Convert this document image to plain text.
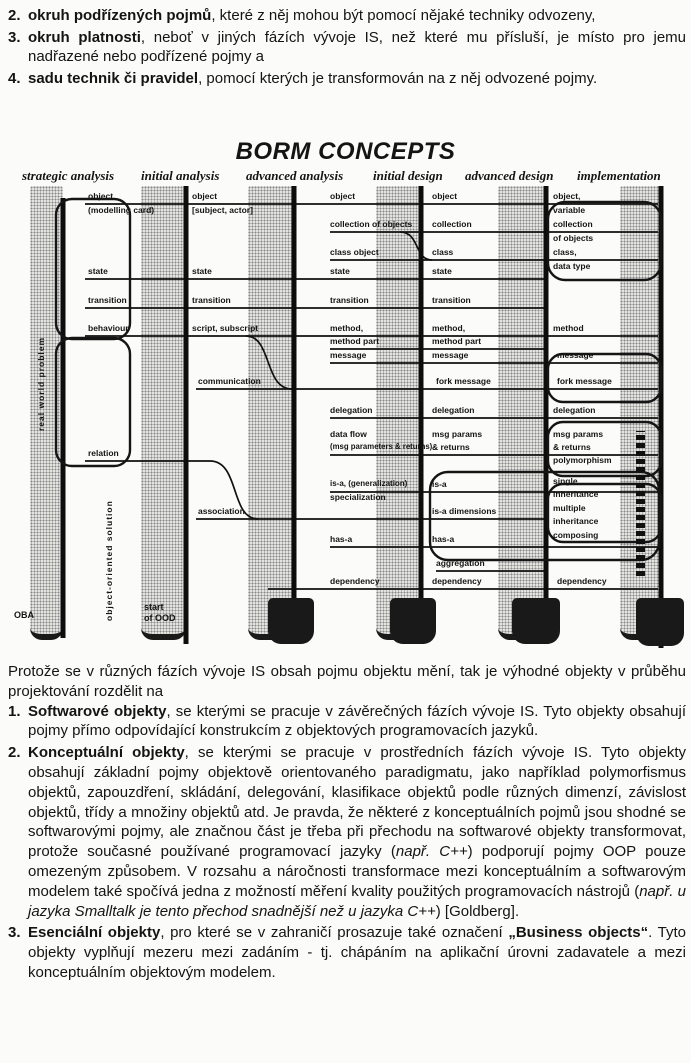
2. okruh podřízených pojmů, které z něj mohou být pomocí nějaké techniky odvozeny,
3. okruh platnosti, neboť v jiných fázích vývoje IS, než které mu přísluší, je místo pro jemu nadřazené nebo podřízené pojmy a
4. sadu technik či pravidel, pomocí kterých je transformován na z něj odvozené pojmy.
BORM CONCEPTS
strategic analysis initial analysis advanced analysis initial design advanced design implementation
object
(modelling card)
state
transition
behaviour
relation
object
[subject, actor]
state
transition
script, subscript
communication
association
object
collection of objects
class object
state
transition
method,
method part
message
delegation
data flow
(msg parameters & returns)
is-a, (generalization)
specialization
has-a
dependency
object
collection
class
state
transition
method,
method part
message
fork message
delegation
msg params
& returns
is-a
is-a dimensions
has-a
aggregation
dependency
object,
variable
collection
of objects
class,
data type
method
message
fork message
delegation
msg params
& returns
polymorphism
single
inheritance
multiple
inheritance
composing
dependency
real world problem
object-oriented solution
OBA
start
of OOD
Protože se v různých fázích vývoje IS obsah pojmu objektu mění, tak je výhodné objekty v průběhu projektování rozdělit na
1. Softwarové objekty, se kterými se pracuje v závěrečných fázích vývoje IS. Tyto objekty obsahují pojmy přímo odpovídající konstrukcím z objektových programovacích jazyků.
2. Konceptuální objekty, se kterými se pracuje v prostředních fázích vývoje IS. Tyto objekty obsahují základní pojmy objektově orientovaného paradigmatu, jako například polymorfismus objektů, zapouzdření, skládání, delegování, klasifikace objektů podle různých dimenzí, závislost objektů, třídy a množiny objektů atd. Je pravda, že některé z konceptuálních pojmů jsou shodné se softwarovými pojmy, ale značnou část je třeba při přechodu na softwarové objekty transformovat, protože současné používané programovací jazyky (např. C++) podporují pojmy OOP pouze omezeným způsobem. V rozsahu a náročnosti transformace mezi konceptuálním a softwarovým modelem také spočívá jedna z možností měření kvality použitých programovacích nástrojů (např. u jazyka Smalltalk je tento přechod snadnější než u jazyka C++) [Goldberg].
3. Esenciální objekty, pro které se v zahraničí prosazuje také označení „Business objects“. Tyto objekty vyplňují mezeru mezi zadáním - tj. chápáním na aplikační úrovni zadavatele a mezi konceptuálním objektovým modelem.
